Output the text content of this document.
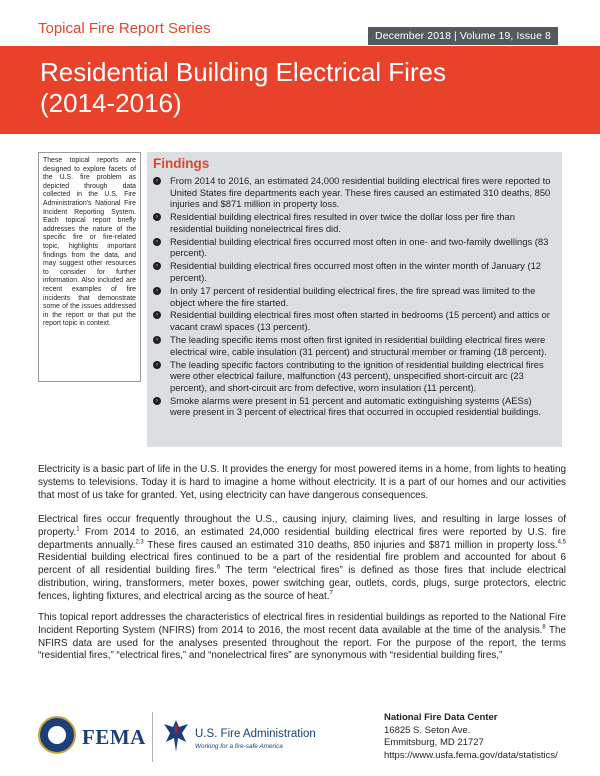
Topical Fire Report Series	December 2018 | Volume 19, Issue 8
Residential Building Electrical Fires
(2014-2016)
These topical reports are designed to explore facets of the U.S. fire problem as depicted through data collected in the U.S. Fire Administration's National Fire Incident Reporting System. Each topical report briefly addresses the nature of the specific fire or fire-related topic, highlights important findings from the data, and may suggest other resources to consider for further information. Also included are recent examples of fire incidents that demonstrate some of the issues addressed in the report or that put the report topic in context.
Findings
›	From 2014 to 2016, an estimated 24,000 residential building electrical fires were reported to United States fire departments each year. These fires caused an estimated 310 deaths, 850 injuries and $871 million in property loss.
›	Residential building electrical fires resulted in over twice the dollar loss per fire than residential building nonelectrical fires did.
›	Residential building electrical fires occurred most often in one- and two-family dwellings (83 percent).
›	Residential building electrical fires occurred most often in the winter month of January (12 percent).
›	In only 17 percent of residential building electrical fires, the fire spread was limited to the object where the fire started.
›	Residential building electrical fires most often started in bedrooms (15 percent) and attics or vacant crawl spaces (13 percent).
›	The leading specific items most often first ignited in residential building electrical fires were electrical wire, cable insulation (31 percent) and structural member or framing (18 percent).
›	The leading specific factors contributing to the ignition of residential building electrical fires were other electrical failure, malfunction (43 percent), unspecified short-circuit arc (23 percent), and short-circuit arc from defective, worn insulation (11 percent).
›	Smoke alarms were present in 51 percent and automatic extinguishing systems (AESs) were present in 3 percent of electrical fires that occurred in occupied residential buildings.

Electricity is a basic part of life in the U.S. It provides the energy for most powered items in a home, from lights to heating systems to televisions. Today it is hard to imagine a home without electricity. It is a part of our homes and our activities that most of us take for granted. Yet, using electricity can have dangerous consequences.

Electrical fires occur frequently throughout the U.S., causing injury, claiming lives, and resulting in large losses of property.$^1$ From 2014 to 2016, an estimated 24,000 residential building electrical fires were reported by U.S. fire departments annually.$^{2,3}$ These fires caused an estimated 310 deaths, 850 injuries and $871 million in property loss.$^{4,5}$ Residential building electrical fires continued to be a part of the residential fire problem and accounted for about 6 percent of all residential building fires.$^6$ The term “electrical fires” is defined as those fires that include electrical distribution, wiring, transformers, meter boxes, power switching gear, outlets, cords, plugs, surge protectors, electric fences, lighting fixtures, and electrical arcing as the source of heat.$^7$

This topical report addresses the characteristics of electrical fires in residential buildings as reported to the National Fire Incident Reporting System (NFIRS) from 2014 to 2016, the most recent data available at the time of the analysis.$^8$ The NFIRS data are used for the analyses presented throughout the report. For the purpose of the report, the terms “residential fires,” “electrical fires,” and “nonelectrical fires” are synonymous with “residential building fires,”

FEMA	U.S. Fire Administration
Working for a fire-safe America
National Fire Data Center
16825 S. Seton Ave.
Emmitsburg, MD 21727
https://www.usfa.fema.gov/data/statistics/
